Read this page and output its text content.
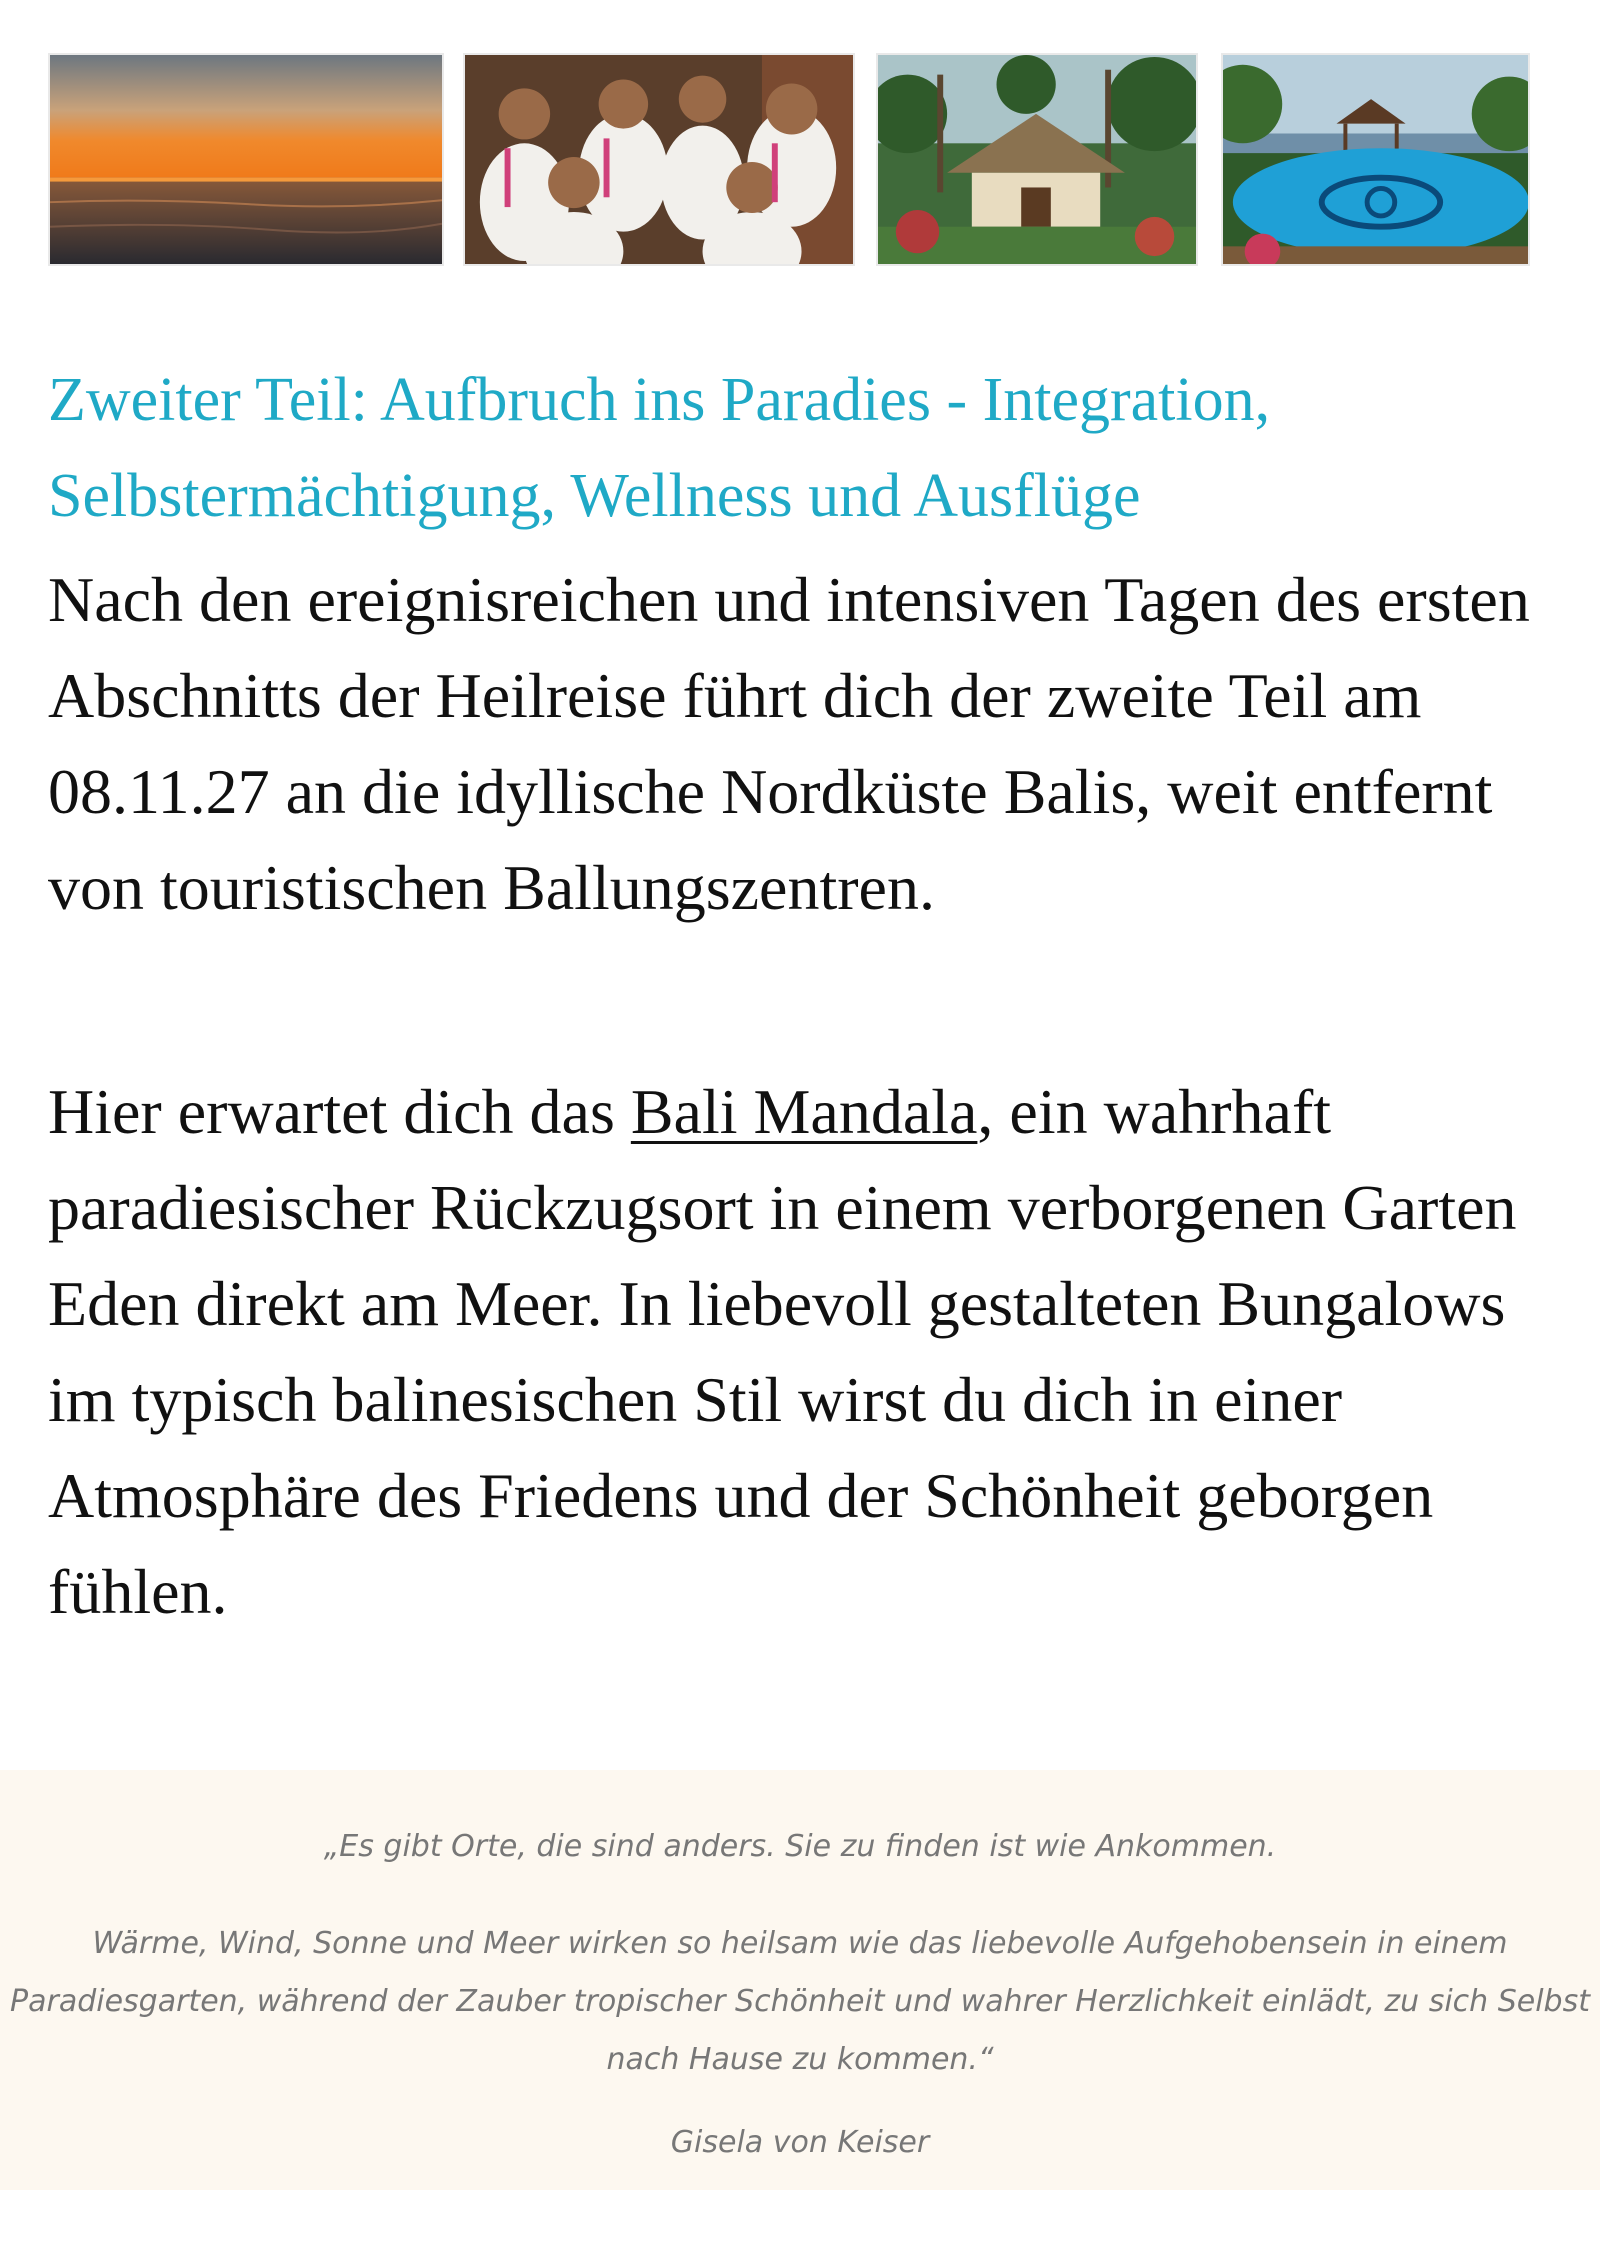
Zweiter Teil: Aufbruch ins Paradies - Integration, Selbstermächtigung, Wellness und Ausflüge

Nach den ereignisreichen und intensiven Tagen des ersten Abschnitts der Heilreise führt dich der zweite Teil am 08.11.27 an die idyllische Nordküste Balis, weit entfernt von touristischen Ballungszentren.

Hier erwartet dich das Bali Mandala, ein wahrhaft paradiesischer Rückzugsort in einem verborgenen Garten Eden direkt am Meer. In liebevoll gestalteten Bungalows im typisch balinesischen Stil wirst du dich in einer Atmosphäre des Friedens und der Schönheit geborgen fühlen.

„Es gibt Orte, die sind anders. Sie zu finden ist wie Ankommen.

Wärme, Wind, Sonne und Meer wirken so heilsam wie das liebevolle Aufgehobensein in einem Paradiesgarten, während der Zauber tropischer Schönheit und wahrer Herzlichkeit einlädt, zu sich Selbst nach Hause zu kommen.“

Gisela von Keiser
